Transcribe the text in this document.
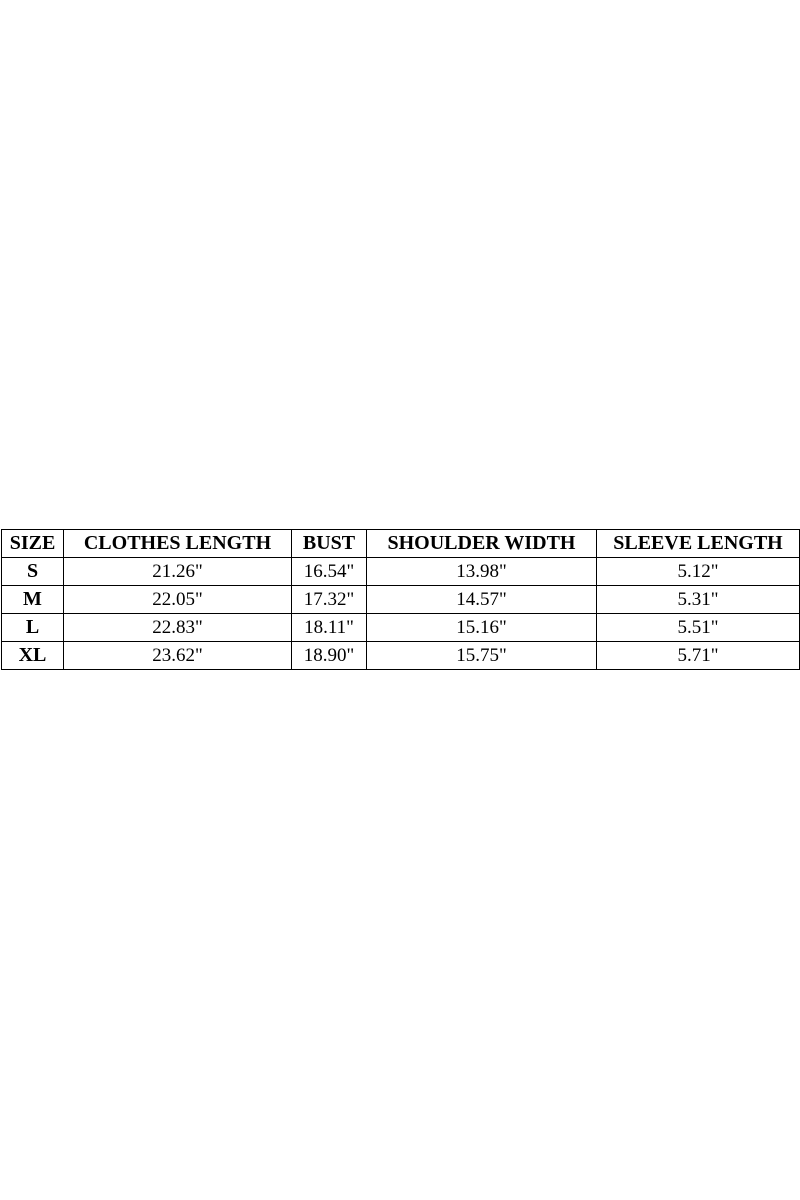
SIZE	CLOTHES LENGTH	BUST	SHOULDER WIDTH	SLEEVE LENGTH
S	21.26"	16.54"	13.98"	5.12"
M	22.05"	17.32"	14.57"	5.31"
L	22.83"	18.11"	15.16"	5.51"
XL	23.62"	18.90"	15.75"	5.71"
